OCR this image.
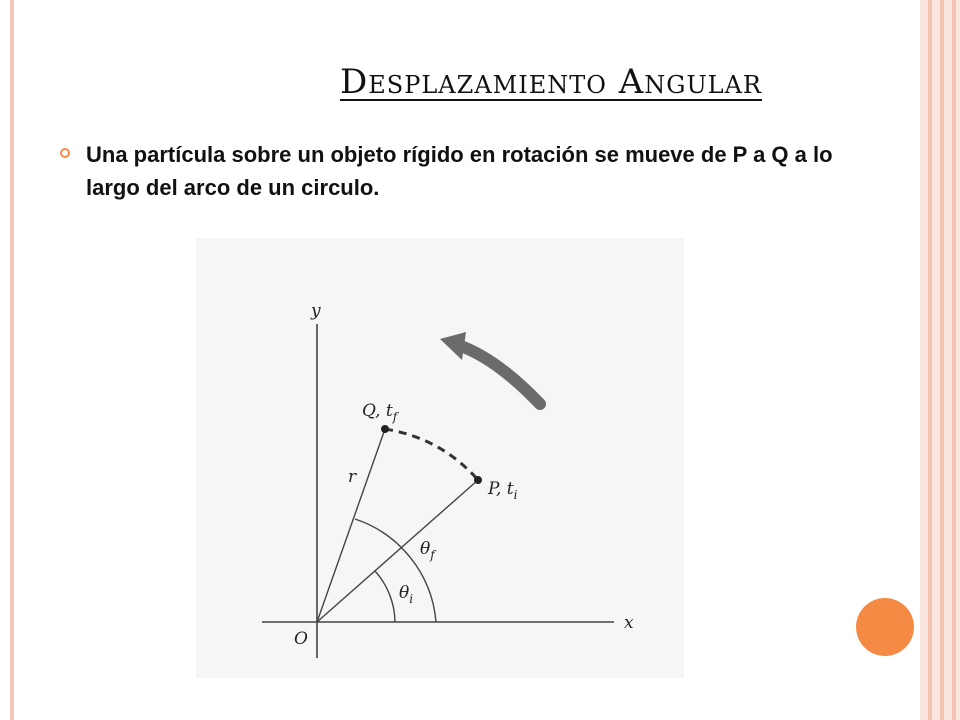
Desplazamiento Angular
Una partícula sobre un objeto rígido en rotación se mueve de P a Q a lo largo del arco de un circulo.
y
x
O
r
Q, $t_f$
P, $t_i$
$\theta_f$
$\theta_i$
